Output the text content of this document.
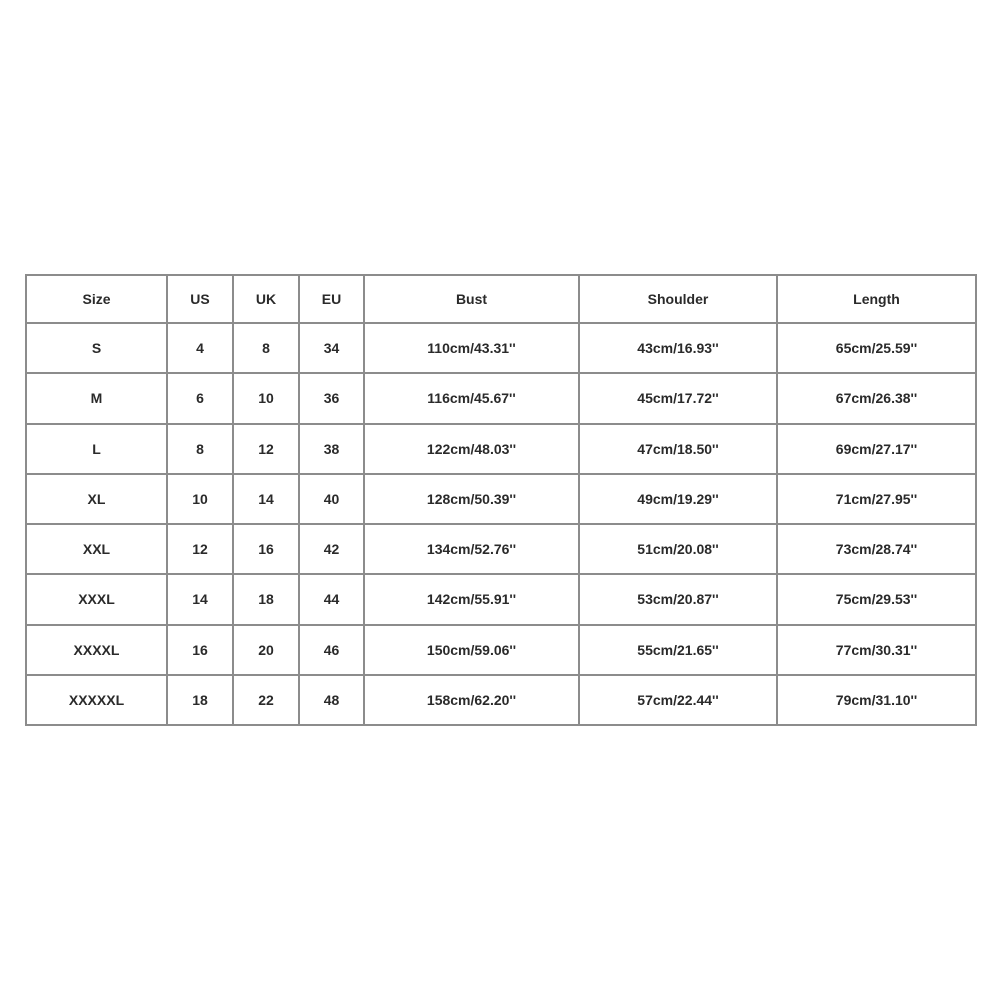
Size	US	UK	EU	Bust	Shoulder	Length
S	4	8	34	110cm/43.31''	43cm/16.93''	65cm/25.59''
M	6	10	36	116cm/45.67''	45cm/17.72''	67cm/26.38''
L	8	12	38	122cm/48.03''	47cm/18.50''	69cm/27.17''
XL	10	14	40	128cm/50.39''	49cm/19.29''	71cm/27.95''
XXL	12	16	42	134cm/52.76''	51cm/20.08''	73cm/28.74''
XXXL	14	18	44	142cm/55.91''	53cm/20.87''	75cm/29.53''
XXXXL	16	20	46	150cm/59.06''	55cm/21.65''	77cm/30.31''
XXXXXL	18	22	48	158cm/62.20''	57cm/22.44''	79cm/31.10''
